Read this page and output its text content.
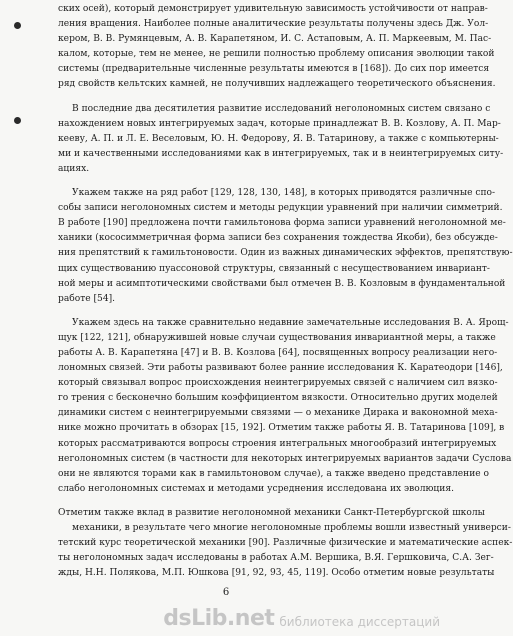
ских осей), который демонстрирует удивительную зависимость устойчивости от направ-
ления вращения. Наиболее полные аналитические результаты получены здесь Дж. Уол-
кером, В. В. Румянцевым, А. В. Карапетяном, И. С. Астаповым, А. П. Маркеевым, М. Пас-
калом, которые, тем не менее, не решили полностью проблему описания эволюции такой
системы (предварительные численные результаты имеются в [168]). До сих пор имеется
ряд свойств кельтских камней, не получивших надлежащего теоретического объяснения.
В последние два десятилетия развитие исследований неголономных систем связано с
нахождением новых интегрируемых задач, которые принадлежат В. В. Козлову, А. П. Мар-
кееву, А. П. и Л. Е. Веселовым, Ю. Н. Федорову, Я. В. Татаринову, а также с компьютерны-
ми и качественными исследованиями как в интегрируемых, так и в неинтегрируемых ситу-
ациях.
Укажем также на ряд работ [129, 128, 130, 148], в которых приводятся различные спо-
собы записи неголономных систем и методы редукции уравнений при наличии симметрий.
В работе [190] предложена почти гамильтонова форма записи уравнений неголономной ме-
ханики (кососимметричная форма записи без сохранения тождества Якоби), без обсужде-
ния препятствий к гамильтоновости. Один из важных динамических эффектов, препятствую-
щих существованию пуассоновой структуры, связанный с несуществованием инвариант-
ной меры и асимптотическими свойствами был отмечен В. В. Козловым в фундаментальной
работе [54].
Укажем здесь на также сравнительно недавние замечательные исследования В. А. Ярощ-
щук [122, 121], обнаружившей новые случаи существования инвариантной меры, а также
работы А. В. Карапетяна [47] и В. В. Козлова [64], посвященных вопросу реализации него-
лономных связей. Эти работы развивают более ранние исследования К. Каратеодори [146],
который связывал вопрос происхождения неинтегрируемых связей с наличием сил вязко-
го трения с бесконечно большим коэффициентом вязкости. Относительно других моделей
динамики систем с неинтегрируемыми связями — о механике Дирака и вакономной меха-
нике можно прочитать в обзорах [15, 192]. Отметим также работы Я. В. Татаринова [109], в
которых рассматриваются вопросы строения интегральных многообразий интегрируемых
неголономных систем (в частности для некоторых интегрируемых вариантов задачи Суслова
они не являются торами как в гамильтоновом случае), а также введено представление о
слабо неголономных системах и методами усреднения исследована их эволюция.
Отметим также вклад в развитие неголономной механики Санкт-Петербургской школы
механики, в результате чего многие неголономные проблемы вошли известный универси-
тетский курс теоретической механики [90]. Различные физические и математические аспек-
ты неголономных задач исследованы в работах А.М. Вершика, В.Я. Гершковича, С.А. Зег-
жды, Н.Н. Полякова, М.П. Юшкова [91, 92, 93, 45, 119]. Особо отметим новые результаты
6
dsLib.net библиотека диссертаций
